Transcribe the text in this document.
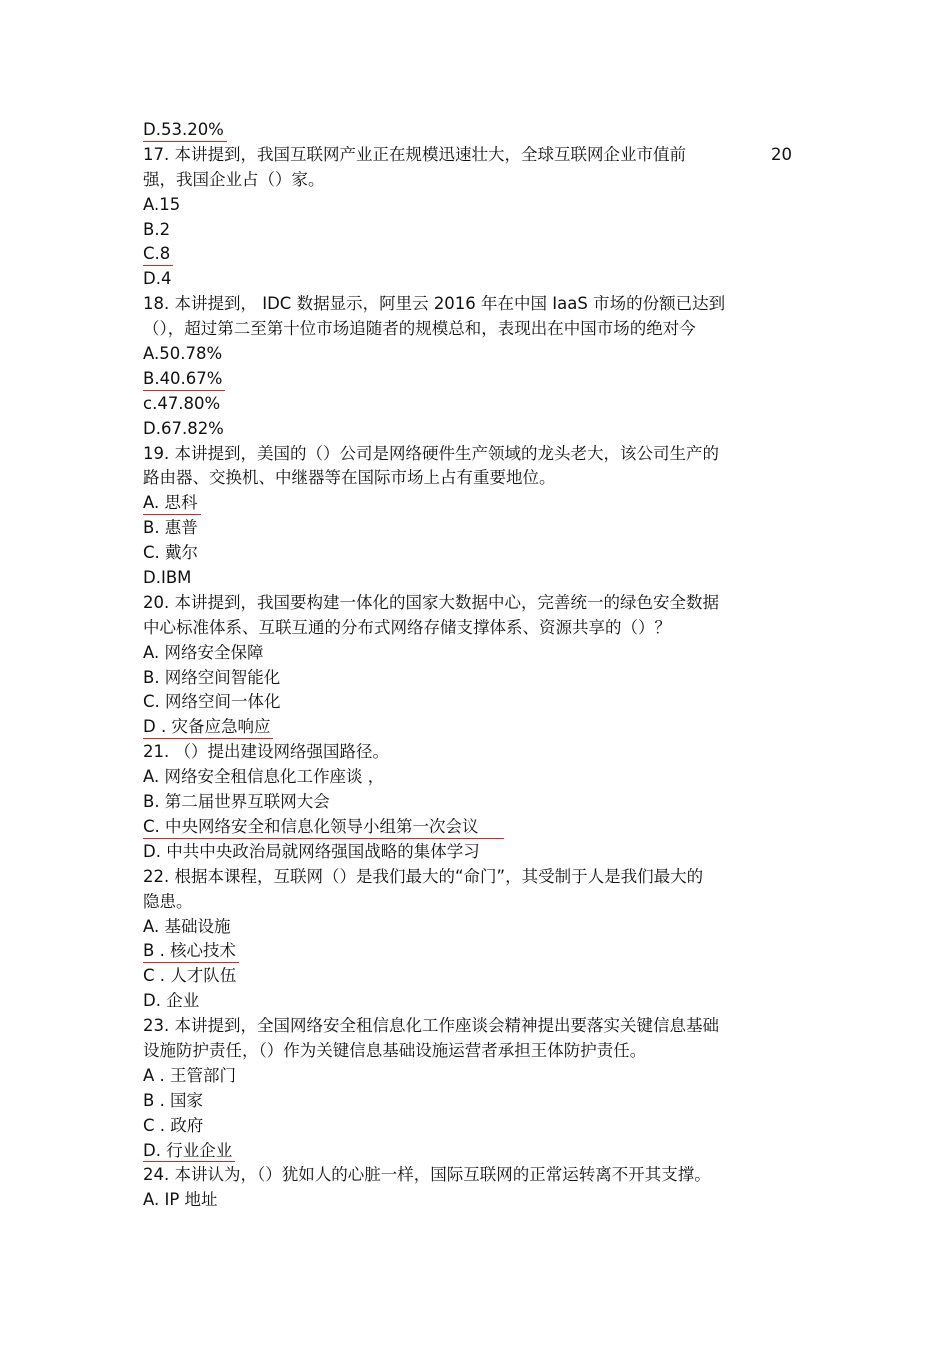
D.53.20%
17. 本讲提到，我国互联网产业正在规模迅速壮大，全球互联网企业市值前
强，我国企业占（）家。
A.15
B.2
C.8
D.4
18. 本讲提到， IDC 数据显示，阿里云 2016 年在中国 IaaS 市场的份额已达到
（），超过第二至第十位市场追随者的规模总和，表现出在中国市场的绝对今
A.50.78%
B.40.67%
c.47.80%
D.67.82%
19. 本讲提到，美国的（）公司是网络硬件生产领域的龙头老大，该公司生产的
路由器、交换机、中继器等在国际市场上占有重要地位。
A. 思科
B. 惠普
C. 戴尔
D.IBM
20. 本讲提到，我国要构建一体化的国家大数据中心，完善统一的绿色安全数据
中心标准体系、互联互通的分布式网络存储支撑体系、资源共享的（）？
A. 网络安全保障
B. 网络空间智能化
C. 网络空间一体化
D . 灾备应急响应
21. （）提出建设网络强国路径。
A. 网络安全租信息化工作座谈 ，
B. 第二届世界互联网大会
C. 中央网络安全和信息化领导小组第一次会议
D. 中共中央政治局就网络强国战略的集体学习
22. 根据本课程，互联网（）是我们最大的“命门”，其受制于人是我们最大的
隐患。
A. 基础设施
B . 核心技术
C . 人才队伍
D. 企业
23. 本讲提到，全国网络安全租信息化工作座谈会精神提出要落实关键信息基础
设施防护责任，（）作为关键信息基础设施运营者承担王体防护责任。
A . 王管部门
B . 国家
C . 政府
D. 行业企业
24. 本讲认为，（）犹如人的心脏一样，国际互联网的正常运转离不开其支撑。
A. IP 地址
20
